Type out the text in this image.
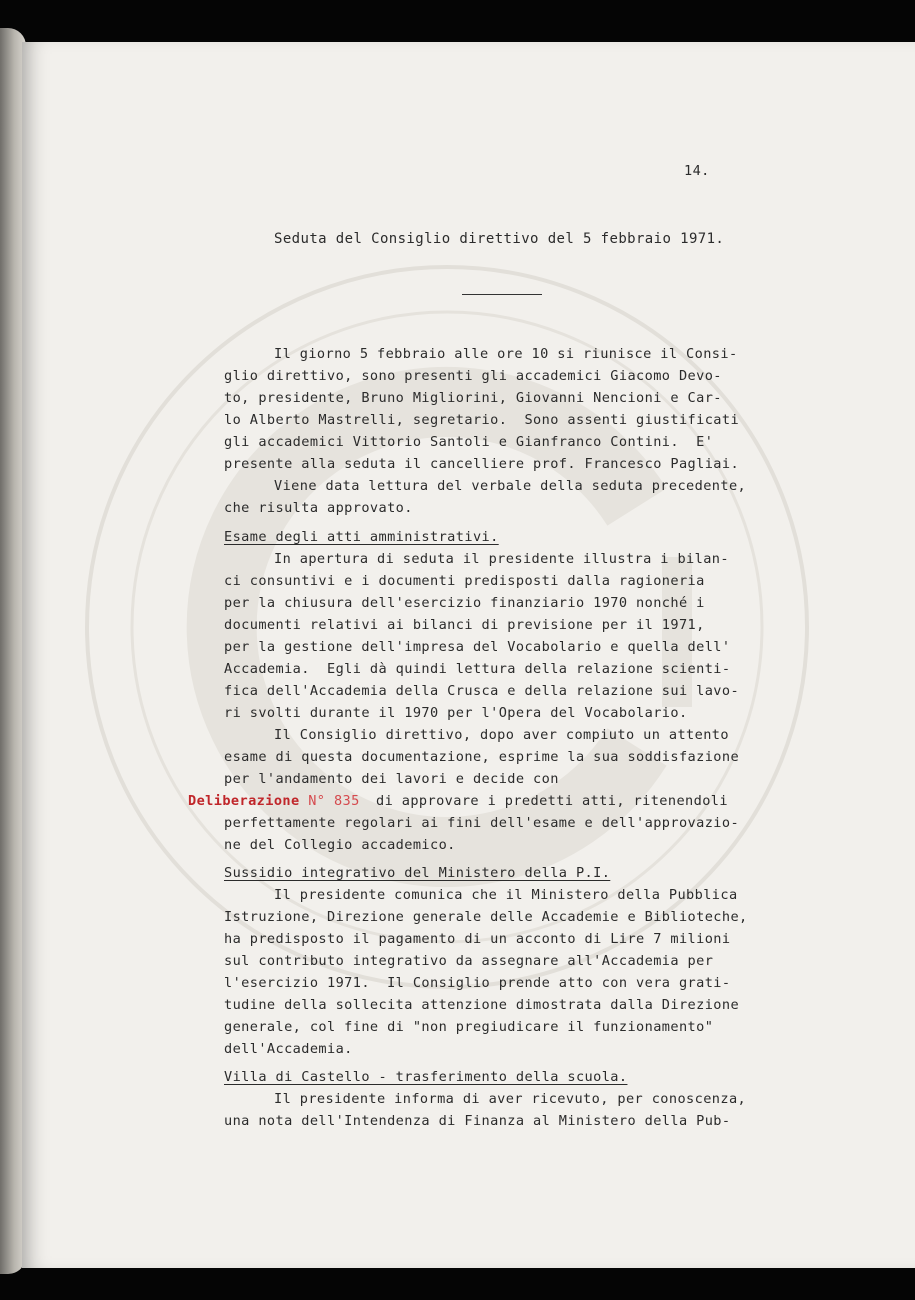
14.
Seduta del Consiglio direttivo del 5 febbraio 1971.
Il giorno 5 febbraio alle ore 10 si riunisce il Consi-
glio direttivo, sono presenti gli accademici Giacomo Devo-
to, presidente, Bruno Migliorini, Giovanni Nencioni e Car-
lo Alberto Mastrelli, segretario.  Sono assenti giustificati
gli accademici Vittorio Santoli e Gianfranco Contini.  E'
presente alla seduta il cancelliere prof. Francesco Pagliai.
Viene data lettura del verbale della seduta precedente,
che risulta approvato.
Esame degli atti amministrativi.
In apertura di seduta il presidente illustra i bilan-
ci consuntivi e i documenti predisposti dalla ragioneria
per la chiusura dell'esercizio finanziario 1970 nonché i
documenti relativi ai bilanci di previsione per il 1971,
per la gestione dell'impresa del Vocabolario e quella dell'
Accademia.  Egli dà quindi lettura della relazione scienti-
fica dell'Accademia della Crusca e della relazione sui lavo-
ri svolti durante il 1970 per l'Opera del Vocabolario.
Il Consiglio direttivo, dopo aver compiuto un attento
esame di questa documentazione, esprime la sua soddisfazione
per l'andamento dei lavori e decide con
Deliberazione N° 835 di approvare i predetti atti, ritenendoli
perfettamente regolari ai fini dell'esame e dell'approvazio-
ne del Collegio accademico.
Sussidio integrativo del Ministero della P.I.
Il presidente comunica che il Ministero della Pubblica
Istruzione, Direzione generale delle Accademie e Biblioteche,
ha predisposto il pagamento di un acconto di Lire 7 milioni
sul contributo integrativo da assegnare all'Accademia per
l'esercizio 1971.  Il Consiglio prende atto con vera grati-
tudine della sollecita attenzione dimostrata dalla Direzione
generale, col fine di "non pregiudicare il funzionamento"
dell'Accademia.
Villa di Castello - trasferimento della scuola.
Il presidente informa di aver ricevuto, per conoscenza,
una nota dell'Intendenza di Finanza al Ministero della Pub-
